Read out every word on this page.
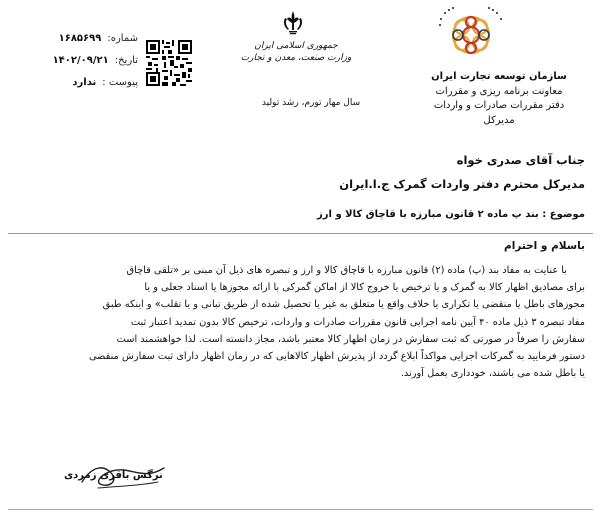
شماره:
۱۶۸۵۶۹۹
تاریخ:
۱۴۰۲/۰۹/۲۱
پیوست :
ندارد
جمهوری اسلامی ایران
وزارت صنعت، معدن و تجارت
سال مهار تورم، رشد تولید
سازمان توسعه تجارت ایران
معاونت برنامه ریزی و مقررات
دفتر مقررات صادرات و واردات
مدیرکل
جناب آقای صدری خواه
مدیرکل محترم دفتر واردات گمرک ج.ا.ایران
موضوع : بند پ ماده ۲ قانون مبارزه با قاچاق کالا و ارز
باسلام و احترام

با عنایت به مفاد بند (پ) ماده (۲) قانون مبارزه با قاچاق کالا و ارز و تبصره های ذیل آن مبنی بر «تلقی قاچاق

برای مصادیق اظهار کالا به گمرک و یا ترخیص یا خروج کالا از اماکن گمرکی با ارائه مجوزها یا اسناد جعلی و یا

مجوزهای باطل یا منقضی یا تکراری یا خلاف واقع یا متعلق به غیر یا تحصیل شده از طریق تبانی و یا تقلب» و اینکه طبق

مفاد تبصره ۳ ذیل ماده ۴۰ آیین نامه اجرایی قانون مقررات صادرات و واردات، ترخیص کالا بدون تمدید اعتبار ثبت

سفارش را صرفاً در صورتی که ثبت سفارش در زمان اظهار کالا معتبر باشد، مجاز دانسته است. لذا خواهشمند است

دستور فرمایید به گمرکات اجرایی مواکداً ابلاغ گردد از پذیرش اظهار کالاهایی که در زمان اظهار دارای ثبت سفارش منقضی

یا باطل شده می باشند، خودداری بعمل آورند.

نرگس باقری زمردی
